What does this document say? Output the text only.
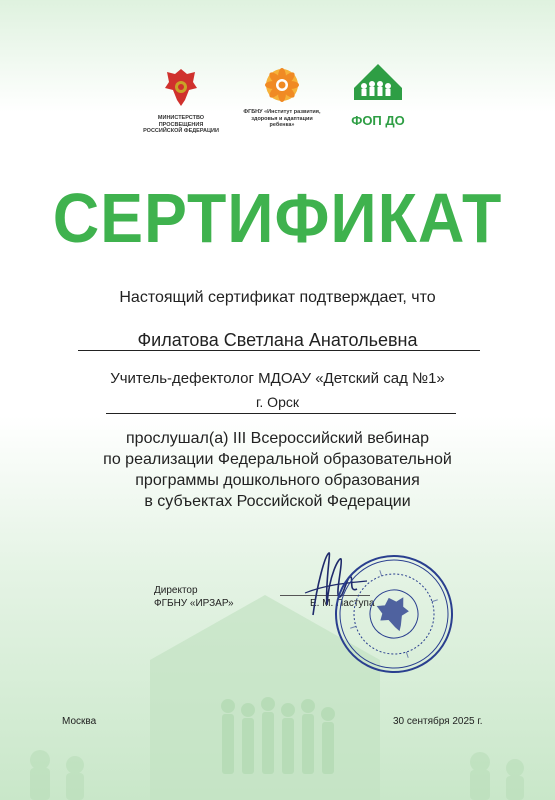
МИНИСТЕРСТВО ПРОСВЕЩЕНИЯ
РОССИЙСКОЙ ФЕДЕРАЦИИ
ФГБНУ «Институт развития,
здоровья и адаптации
ребенка»	ФОП ДО
СЕРТИФИКАТ
Настоящий сертификат подтверждает, что
Филатова Светлана Анатольевна
Учитель-дефектолог МДОАУ «Детский сад №1»
г. Орск
прослушал(а) III Всероссийский вебинар
по реализации Федеральной образовательной
программы дошкольного образования
в субъектах Российской Федерации
Директор
ФГБНУ «ИРЗАР»	Е. М. Паступа
Москва	30 сентября 2025 г.
